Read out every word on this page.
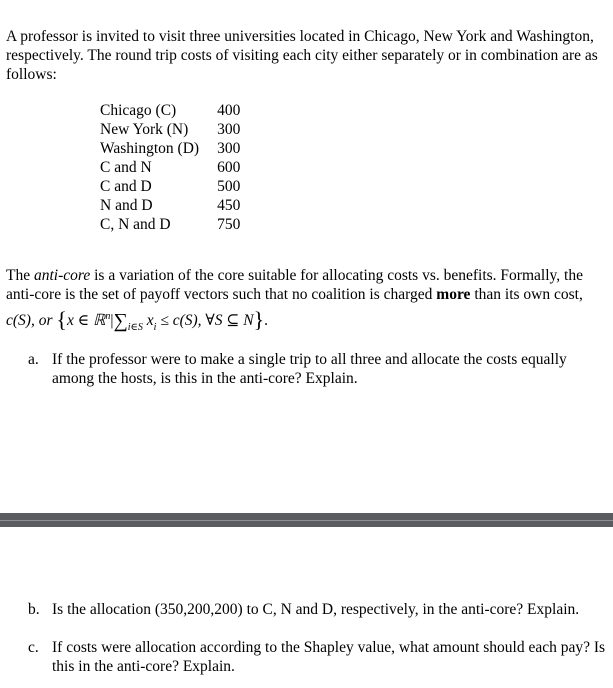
A professor is invited to visit three universities located in Chicago, New York and Washington, respectively. The round trip costs of visiting each city either separately or in combination are as follows:
Chicago (C)	400
New York (N)	300
Washington (D)	300
C and N	600
C and D	500
N and D	450
C, N and D	750
The anti-core is a variation of the core suitable for allocating costs vs. benefits. Formally, the anti-core is the set of payoff vectors such that no coalition is charged more than its own cost,
c(S), or {x ∈ $ℝ^n|\sum_{i\in S}$ $x_i \le c(S)$, ∀S ⊆ N}.
a. If the professor were to make a single trip to all three and allocate the costs equally among the hosts, is this in the anti-core? Explain.
b. Is the allocation (350,200,200) to C, N and D, respectively, in the anti-core? Explain.
c. If costs were allocation according to the Shapley value, what amount should each pay? Is this in the anti-core? Explain.
